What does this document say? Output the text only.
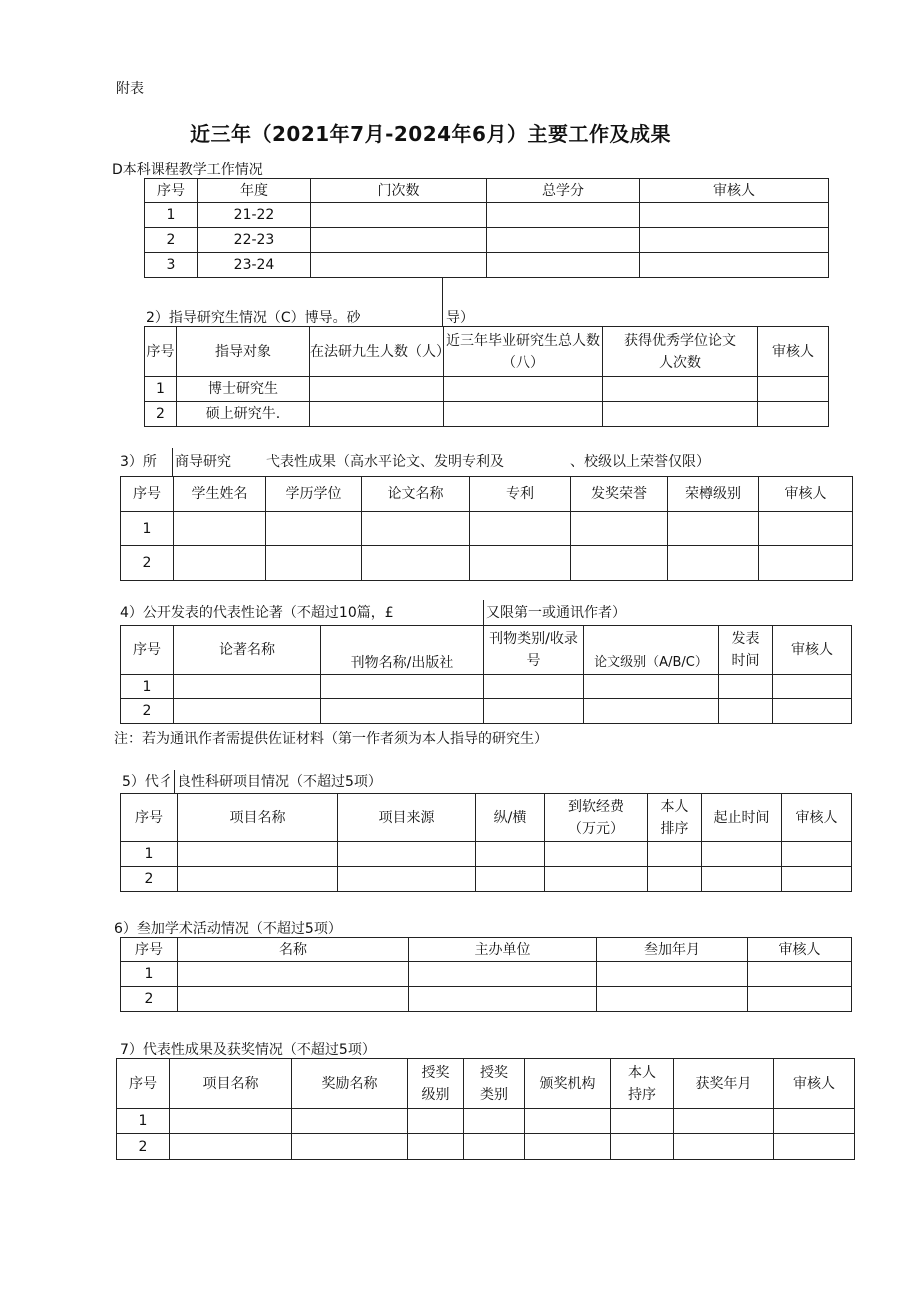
附表
近三年（2021年7月-2024年6月）主要工作及成果
D本科课程教学工作情况
序号	年度	门次数	总学分	审核人
1	21-22			
2	22-23			
3	23-24			
2）指导研究生情况（C）博导。砂	导）
序号	指导对象	在法研九生人数（人）	近三年毕业研究生总人数（八）	获得优秀学位论文人次数	审核人
1	博士研究生				
2	硕上研究牛.				
3）所 商导研究	弋表性成果（高水平论文、发明专利及	、校级以上荣誉仅限）
序号	学生姓名	学历学位	论文名称	专利	发奖荣誉	荣樽级别	审核人
1							
2							
4）公开发表的代表性论著（不超过10篇，£	又限第一或通讯作者）
序号	论著名称	刊物名称/出版社	刊物类别/收录号	论文级别（A/B/C）	发表时间	审核人
1						
2						
注：若为通讯作者需提供佐证材料（第一作者须为本人指导的研究生）
5）代彳 良性科研项目情况（不超过5项）
序号	项目名称	项目来源	纵/横	到软经费（万元）	本人排序	起止时间	审核人
1							
2							
6）叁加学术活动情况（不超过5项）
序号	名称	主办单位	叁加年月	审核人
1				
2				
7）代表性成果及获奖情况（不超过5项）
序号	项目名称	奖励名称	授奖级别	授奖类别	颁奖机构	本人持序	获奖年月	审核人
1								
2								
